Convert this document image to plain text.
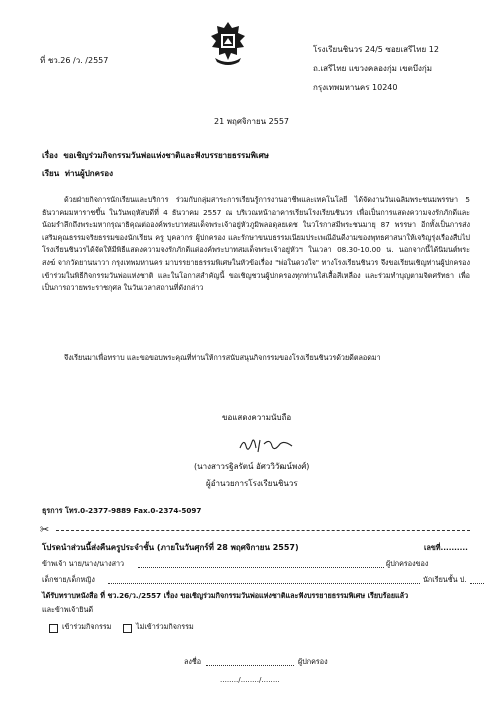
ที่ ชว.26 /ว. /2557
โรงเรียนชินวร 24/5 ซอยเสรีไทย 12
ถ.เสรีไทย แขวงคลองกุ่ม เขตบึงกุ่ม
กรุงเทพมหานคร 10240
21 พฤศจิกายน 2557
เรื่อง ขอเชิญร่วมกิจกรรมวันพ่อแห่งชาติและฟังบรรยายธรรมพิเศษ
เรียน ท่านผู้ปกครอง
ด้วยฝ่ายกิจการนักเรียนและบริการ ร่วมกับกลุ่มสาระการเรียนรู้การงานอาชีพและเทคโนโลยี ได้จัดงานวันเฉลิมพระชนมพรรษา 5 ธันวาคมมหาราชขึ้น ในวันพฤหัสบดีที่ 4 ธันวาคม 2557 ณ บริเวณหน้าอาคารเรียนโรงเรียนชินวร เพื่อเป็นการแสดงความจงรักภักดีและน้อมรำลึกถึงพระมหากรุณาธิคุณต่อองค์พระบาทสมเด็จพระเจ้าอยู่หัวภูมิพลอดุลยเดช ในวโรกาสมีพระชนมายุ 87 พรรษา อีกทั้งเป็นการส่งเสริมคุณธรรมจริยธรรมของนักเรียน ครู บุคลากร ผู้ปกครอง และรักษาขนบธรรมเนียมประเพณีอันดีงามของพุทธศาสนาให้เจริญรุ่งเรืองสืบไป โรงเรียนชินวรได้จัดให้มีพิธีแสดงความจงรักภักดีแด่องค์พระบาทสมเด็จพระเจ้าอยู่หัวฯ ในเวลา 08.30-10.00 น. นอกจากนี้ได้นิมนต์พระสงฆ์ จากวัดยานนาวา กรุงเทพมหานคร มาบรรยายธรรมพิเศษในหัวข้อเรื่อง "พ่อในดวงใจ" ทางโรงเรียนชินวร จึงขอเรียนเชิญท่านผู้ปกครองเข้าร่วมในพิธีกิจกรรมวันพ่อแห่งชาติ และในโอกาสสำคัญนี้ ขอเชิญชวนผู้ปกครองทุกท่านใส่เสื้อสีเหลือง และร่วมทำบุญตามจิตศรัทธา เพื่อเป็นการถวายพระราชกุศล ในวันเวลาสถานที่ดังกล่าว
จึงเรียนมาเพื่อทราบ และขอขอบพระคุณที่ท่านให้การสนับสนุนกิจกรรมของโรงเรียนชินวรด้วยดีตลอดมา
ขอแสดงความนับถือ
(นางสาวรฐิลรัตน์ อัศววิวัฒน์พงศ์)
ผู้อำนวยการโรงเรียนชินวร
ธุรการ โทร.0-2377-9889 Fax.0-2374-5097
✂
โปรดนำส่วนนี้ส่งคืนครูประจำชั้น (ภายในวันศุกร์ที่ 28 พฤศจิกายน 2557)	เลขที่..........
ข้าพเจ้า นาย/นาง/นางสาว	ผู้ปกครองของ
เด็กชาย/เด็กหญิง	นักเรียนชั้น ป.
ได้รับทราบหนังสือ ที่ ชว.26/ว./2557 เรื่อง ขอเชิญร่วมกิจกรรมวันพ่อแห่งชาติและฟังบรรยายธรรมพิเศษ เรียบร้อยแล้ว
และข้าพเจ้ายินดี
เข้าร่วมกิจกรรม	ไม่เข้าร่วมกิจกรรม
ลงชื่อ	ผู้ปกครอง
......../......../........
